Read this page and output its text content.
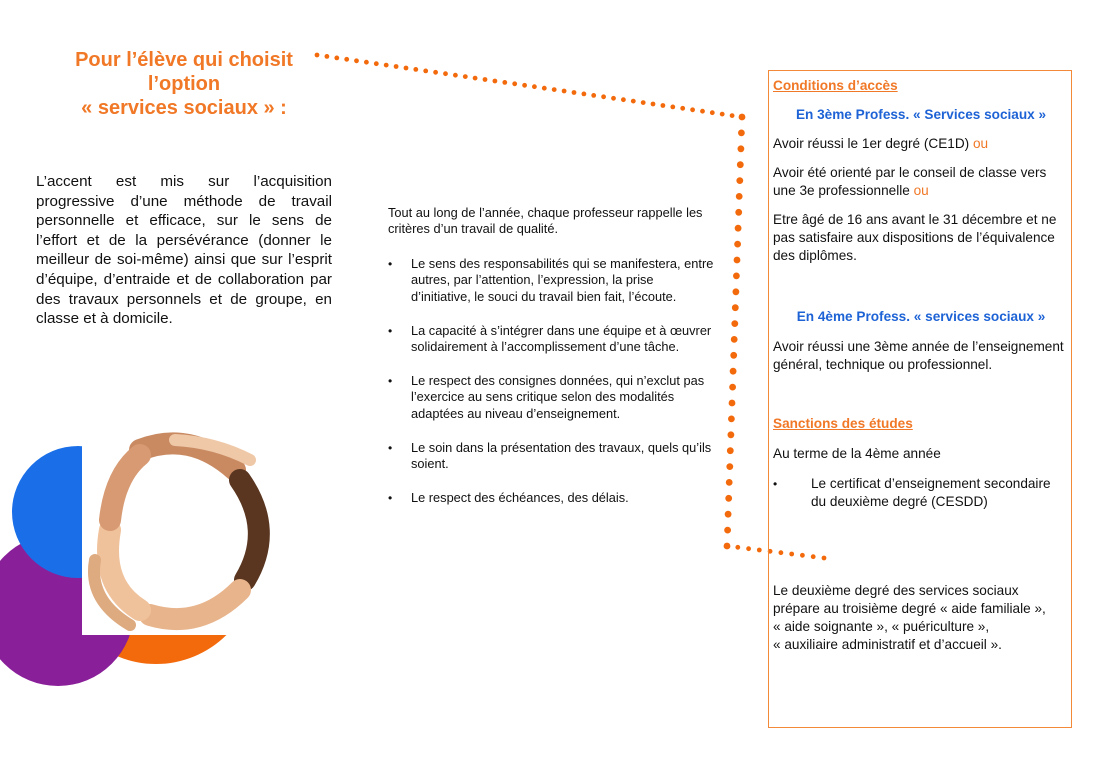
Pour l’élève qui choisit
l’option
« services sociaux » :

L’accent est mis sur l’acquisition progressive d’une méthode de travail personnelle et efficace, sur le sens de l’effort et de la persévérance (donner le meilleur de soi-même) ainsi que sur l’esprit d’équipe, d’entraide et de collaboration par des travaux personnels et de groupe, en classe et à domicile.

Tout au long de l’année, chaque professeur rappelle les critères d’un travail de qualité.

• Le sens des responsabilités qui se manifestera, entre autres, par l’attention, l’expression, la prise d’initiative, le souci du travail bien fait, l’écoute.
• La capacité à s’intégrer dans une équipe et à œuvrer solidairement à l’accomplissement d’une tâche.
• Le respect des consignes données, qui n’exclut pas l’exercice au sens critique selon des modalités adaptées au niveau d’enseignement.
• Le soin dans la présentation des travaux, quels qu’ils soient.
• Le respect des échéances, des délais.
Conditions d’accès
En 3ème Profess. « Services sociaux »

Avoir réussi le 1er degré (CE1D) ou

Avoir été orienté par le conseil de classe vers une 3e professionnelle ou

Etre âgé de 16 ans avant le 31 décembre et ne pas satisfaire aux dispositions de l’équivalence des diplômes.

En 4ème Profess. « services sociaux »

Avoir réussi une 3ème année de l’enseignement général, technique ou professionnel.

Sanctions des études

Au terme de la 4ème année

• Le certificat d’enseignement secondaire du deuxième degré (CESDD)

Le deuxième degré des services sociaux prépare au troisième degré « aide familiale »,
« aide soignante », « puériculture »,
« auxiliaire administratif et d’accueil ».
